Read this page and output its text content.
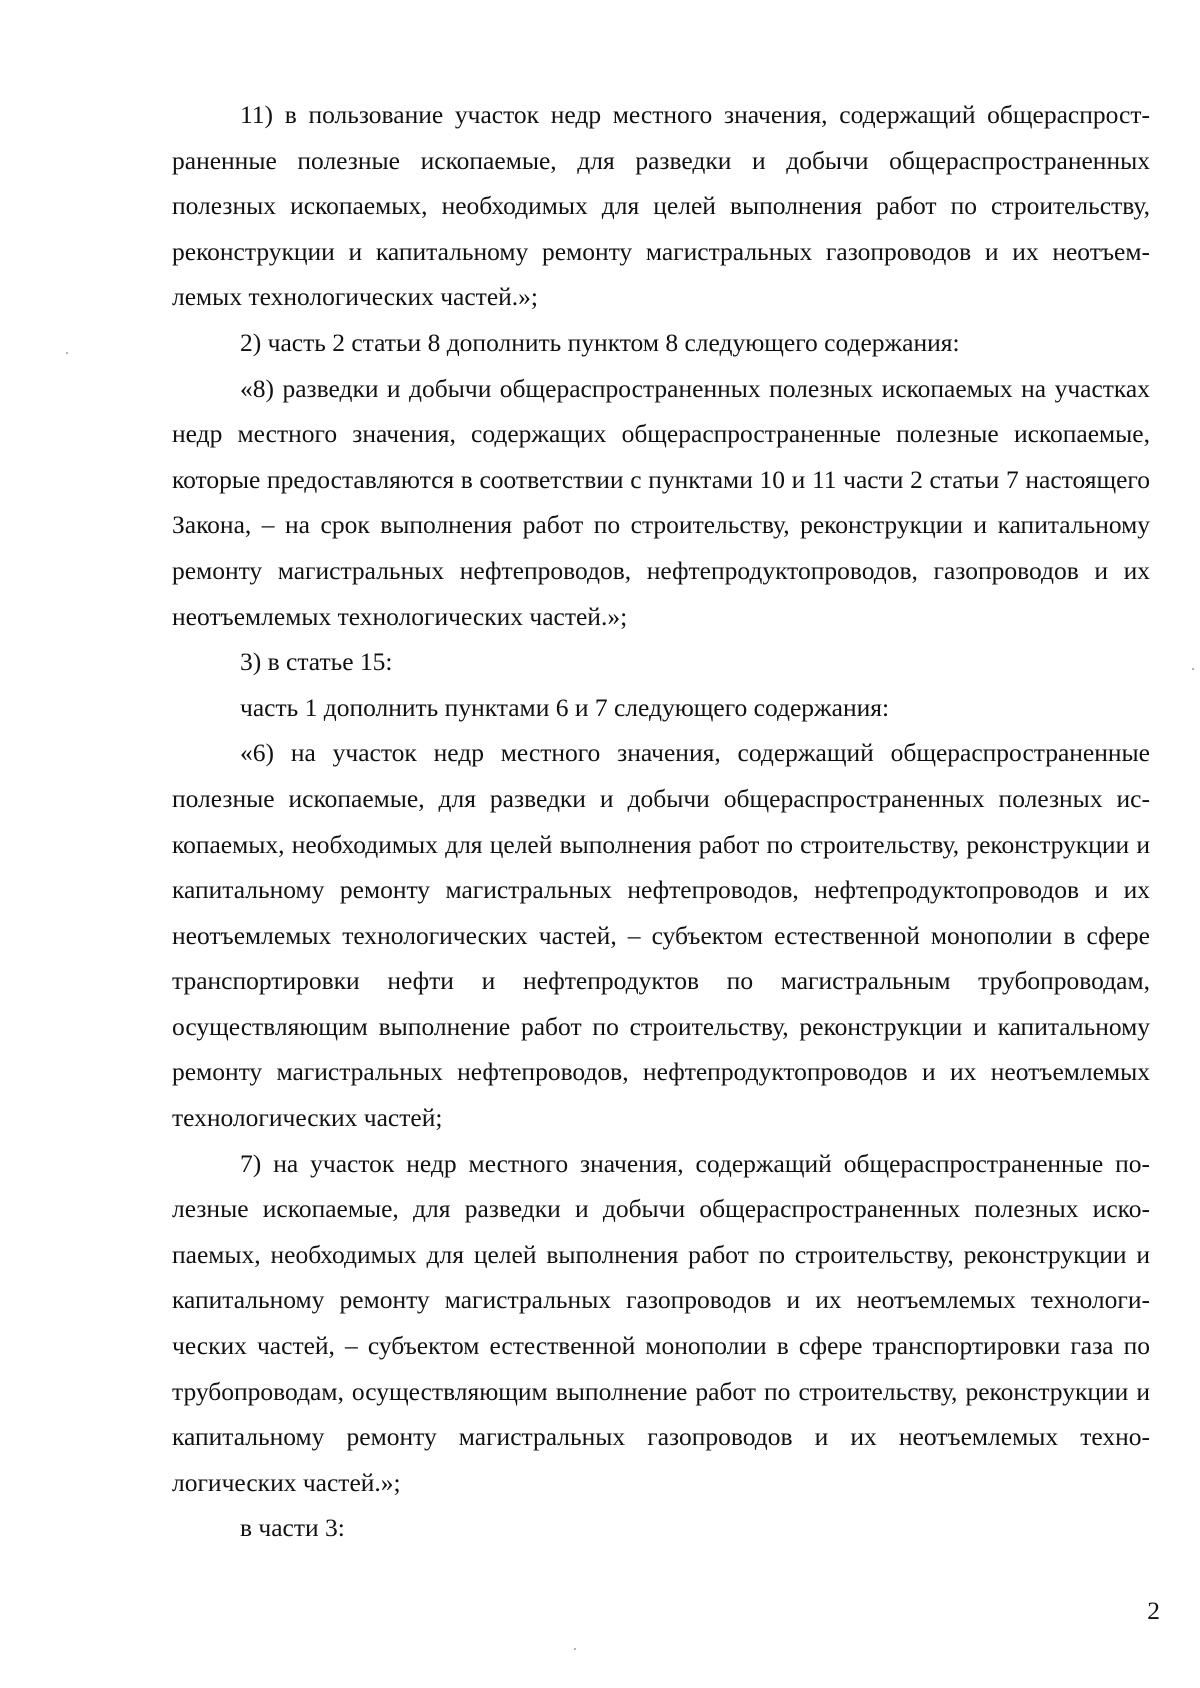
11) в пользование участок недр местного значения, содержащий общераспространенные полезные ископаемые, для разведки и добычи общераспространенных полезных ископаемых, необходимых для целей выполнения работ по строительству, реконструкции и капитальному ремонту магистральных газопроводов и их неотъемлемых технологических частей.»;

2) часть 2 статьи 8 дополнить пунктом 8 следующего содержания:

«8) разведки и добычи общераспространенных полезных ископаемых на участках недр местного значения, содержащих общераспространенные полезные ископаемые, которые предоставляются в соответствии с пунктами 10 и 11 части 2 статьи 7 настоящего Закона, – на срок выполнения работ по строительству, реконструкции и капитальному ремонту магистральных нефтепроводов, нефтепродуктопроводов, газопроводов и их неотъемлемых технологических частей.»;

3) в статье 15:

часть 1 дополнить пунктами 6 и 7 следующего содержания:

«6) на участок недр местного значения, содержащий общераспространенные полезные ископаемые, для разведки и добычи общераспространенных полезных ископаемых, необходимых для целей выполнения работ по строительству, реконструкции и капитальному ремонту магистральных нефтепроводов, нефтепродуктопроводов и их неотъемлемых технологических частей, – субъектом естественной монополии в сфере транспортировки нефти и нефтепродуктов по магистральным трубопроводам, осуществляющим выполнение работ по строительству, реконструкции и капитальному ремонту магистральных нефтепроводов, нефтепродуктопроводов и их неотъемлемых технологических частей;

7) на участок недр местного значения, содержащий общераспространенные полезные ископаемые, для разведки и добычи общераспространенных полезных ископаемых, необходимых для целей выполнения работ по строительству, реконструкции и капитальному ремонту магистральных газопроводов и их неотъемлемых технологических частей, – субъектом естественной монополии в сфере транспортировки газа по трубопроводам, осуществляющим выполнение работ по строительству, реконструкции и капитальному ремонту магистральных газопроводов и их неотъемлемых технологических частей.»;

в части 3:

2
